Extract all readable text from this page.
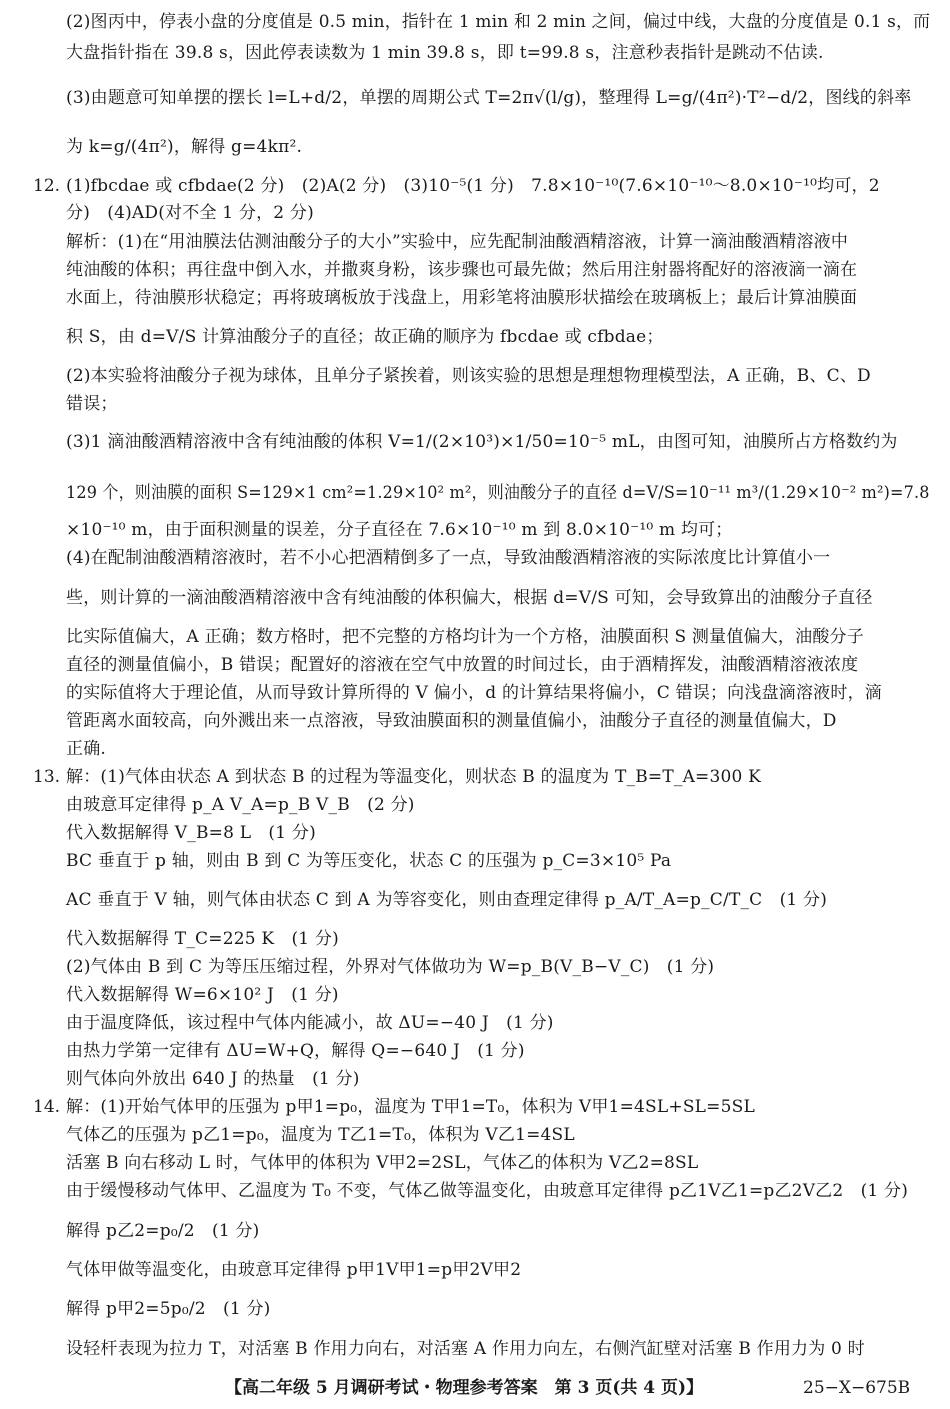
(2)图丙中，停表小盘的分度值是 0.5 min，指针在 1 min 和 2 min 之间，偏过中线，大盘的分度值是 0.1 s，而
大盘指针指在 39.8 s，因此停表读数为 1 min 39.8 s，即 t=99.8 s，注意秒表指针是跳动不估读.
(3)由题意可知单摆的摆长 l=L+d/2，单摆的周期公式 T=2π√(l/g)，整理得 L=g/(4π²)·T²−d/2，图线的斜率
为 k=g/(4π²)，解得 g=4kπ².
12. (1)fbcdae 或 cfbdae(2 分)　(2)A(2 分)　(3)10⁻⁵(1 分)　7.8×10⁻¹⁰(7.6×10⁻¹⁰～8.0×10⁻¹⁰均可，2
分)　(4)AD(对不全 1 分，2 分)
解析：(1)在“用油膜法估测油酸分子的大小”实验中，应先配制油酸酒精溶液，计算一滴油酸酒精溶液中
纯油酸的体积；再往盘中倒入水，并撒爽身粉，该步骤也可最先做；然后用注射器将配好的溶液滴一滴在
水面上，待油膜形状稳定；再将玻璃板放于浅盘上，用彩笔将油膜形状描绘在玻璃板上；最后计算油膜面
积 S，由 d=V/S 计算油酸分子的直径；故正确的顺序为 fbcdae 或 cfbdae；
(2)本实验将油酸分子视为球体，且单分子紧挨着，则该实验的思想是理想物理模型法，A 正确，B、C、D
错误；
(3)1 滴油酸酒精溶液中含有纯油酸的体积 V=1/(2×10³)×1/50=10⁻⁵ mL，由图可知，油膜所占方格数约为
129 个，则油膜的面积 S=129×1 cm²=1.29×10² m²，则油酸分子的直径 d=V/S=10⁻¹¹ m³/(1.29×10⁻² m²)=7.8
×10⁻¹⁰ m，由于面积测量的误差，分子直径在 7.6×10⁻¹⁰ m 到 8.0×10⁻¹⁰ m 均可；
(4)在配制油酸酒精溶液时，若不小心把酒精倒多了一点，导致油酸酒精溶液的实际浓度比计算值小一
些，则计算的一滴油酸酒精溶液中含有纯油酸的体积偏大，根据 d=V/S 可知，会导致算出的油酸分子直径
比实际值偏大，A 正确；数方格时，把不完整的方格均计为一个方格，油膜面积 S 测量值偏大，油酸分子
直径的测量值偏小，B 错误；配置好的溶液在空气中放置的时间过长，由于酒精挥发，油酸酒精溶液浓度
的实际值将大于理论值，从而导致计算所得的 V 偏小，d 的计算结果将偏小，C 错误；向浅盘滴溶液时，滴
管距离水面较高，向外溅出来一点溶液，导致油膜面积的测量值偏小，油酸分子直径的测量值偏大，D
正确.
13. 解：(1)气体由状态 A 到状态 B 的过程为等温变化，则状态 B 的温度为 T_B=T_A=300 K
由玻意耳定律得 p_A V_A=p_B V_B　(2 分)
代入数据解得 V_B=8 L　(1 分)
BC 垂直于 p 轴，则由 B 到 C 为等压变化，状态 C 的压强为 p_C=3×10⁵ Pa
AC 垂直于 V 轴，则气体由状态 C 到 A 为等容变化，则由查理定律得 p_A/T_A=p_C/T_C　(1 分)
代入数据解得 T_C=225 K　(1 分)
(2)气体由 B 到 C 为等压压缩过程，外界对气体做功为 W=p_B(V_B−V_C)　(1 分)
代入数据解得 W=6×10² J　(1 分)
由于温度降低，该过程中气体内能减小，故 ΔU=−40 J　(1 分)
由热力学第一定律有 ΔU=W+Q，解得 Q=−640 J　(1 分)
则气体向外放出 640 J 的热量　(1 分)
14. 解：(1)开始气体甲的压强为 p甲1=p₀，温度为 T甲1=T₀，体积为 V甲1=4SL+SL=5SL
气体乙的压强为 p乙1=p₀，温度为 T乙1=T₀，体积为 V乙1=4SL
活塞 B 向右移动 L 时，气体甲的体积为 V甲2=2SL，气体乙的体积为 V乙2=8SL
由于缓慢移动气体甲、乙温度为 T₀ 不变，气体乙做等温变化，由玻意耳定律得 p乙1V乙1=p乙2V乙2　(1 分)
解得 p乙2=p₀/2　(1 分)
气体甲做等温变化，由玻意耳定律得 p甲1V甲1=p甲2V甲2
解得 p甲2=5p₀/2　(1 分)
设轻杆表现为拉力 T，对活塞 B 作用力向右，对活塞 A 作用力向左，右侧汽缸壁对活塞 B 作用力为 0 时
【高二年级 5 月调研考试・物理参考答案　第 3 页(共 4 页)】	25−X−675B
